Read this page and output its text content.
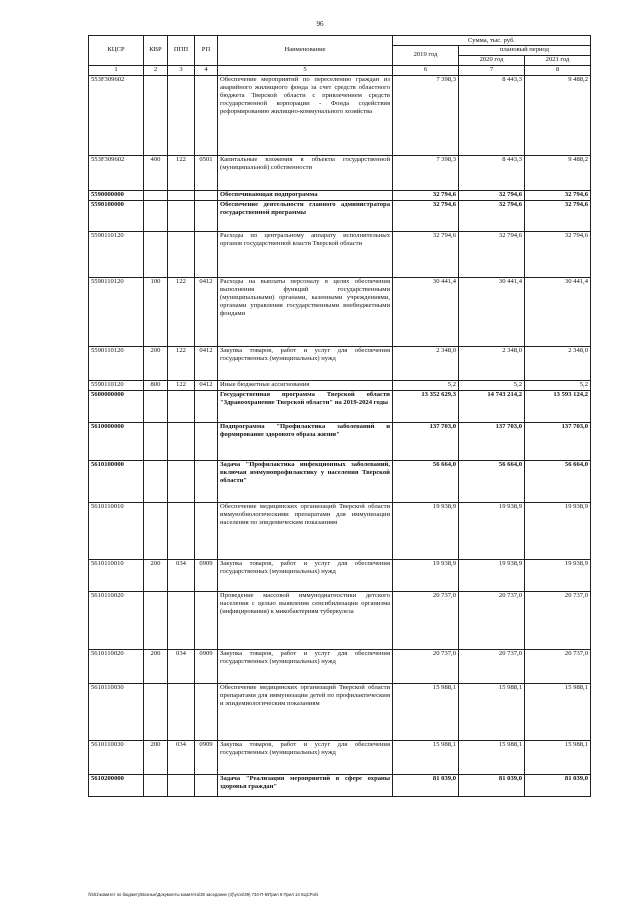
96
КЦСР	КВР	ППП	РП	Наименование	Сумма, тыс. руб.		
					2019 год	плановый период	
						2020 год	2021 год
1	2	3	4	5	6	7	8
553F309602				Обеспечение мероприятий по переселению граждан из аварийного жилищного фонда за счет средств областного бюджета Тверской области с привлечением средств государственной корпорации - Фонда содействия реформированию жилищно-коммунального хозяйства	7 398,3	8 443,3	9 488,2
553F309602	400	122	0501	Капитальные вложения в объекты государственной (муниципальной) собственности	7 398,3	8 443,3	9 488,2
5590000000				Обеспечивающая подпрограмма	32 794,6	32 794,6	32 794,6
5590100000				Обеспечение деятельности главного администратора государственной программы	32 794,6	32 794,6	32 794,6
5590110120				Расходы по центральному аппарату исполнительных органов государственной власти Тверской области	32 794,6	32 794,6	32 794,6
5590110120	100	122	0412	Расходы на выплаты персоналу в целях обеспечения выполнения функций государственными (муниципальными) органами, казенными учреждениями, органами управления государственными внебюджетными фондами	30 441,4	30 441,4	30 441,4
5590110120	200	122	0412	Закупка товаров, работ и услуг для обеспечения государственных (муниципальных) нужд	2 348,0	2 348,0	2 348,0
5590110120	800	122	0412	Иные бюджетные ассигнования	5,2	5,2	5,2
5600000000				Государственная программа Тверской области "Здравоохранение Тверской области" на 2019-2024 годы	13 352 629,3	14 743 214,2	13 593 124,2
5610000000				Подпрограмма "Профилактика заболеваний и формирование здорового образа жизни"	137 703,0	137 703,0	137 703,0
5610100000				Задача "Профилактика инфекционных заболеваний, включая иммунопрофилактику у населения Тверской области"	56 664,0	56 664,0	56 664,0
5610110010				Обеспечение медицинских организаций Тверской области иммунобиологическими препаратами для иммунизации населения по эпидемическим показаниям	19 938,9	19 938,9	19 938,9
5610110010	200	034	0909	Закупка товаров, работ и услуг для обеспечения государственных (муниципальных) нужд	19 938,9	19 938,9	19 938,9
5610110020				Проведение массовой иммунодиагностики детского населения с целью выявления сенсибилизации организма (инфицирования) к микобактериям туберкулеза	20 737,0	20 737,0	20 737,0
5610110020	200	034	0909	Закупка товаров, работ и услуг для обеспечения государственных (муниципальных) нужд	20 737,0	20 737,0	20 737,0
5610110030				Обеспечение медицинских организаций Тверской области препаратами для иммунизации детей по профилактическим и эпидемиологическим показаниям	15 988,1	15 988,1	15 988,1
5610110030	200	034	0909	Закупка товаров, работ и услуг для обеспечения государственных (муниципальных) нужд	15 988,1	15 988,1	15 988,1
5610200000				Задача "Реализация мероприятий в сфере охраны здоровья граждан"	81 039,0	81 039,0	81 039,0
\\fs01\комитет по бюджету\Возные\Документы комитета\39 заседание (4)\угол\39) 734-П-6\Прил 9 Прил 14 КЦСР.xls
